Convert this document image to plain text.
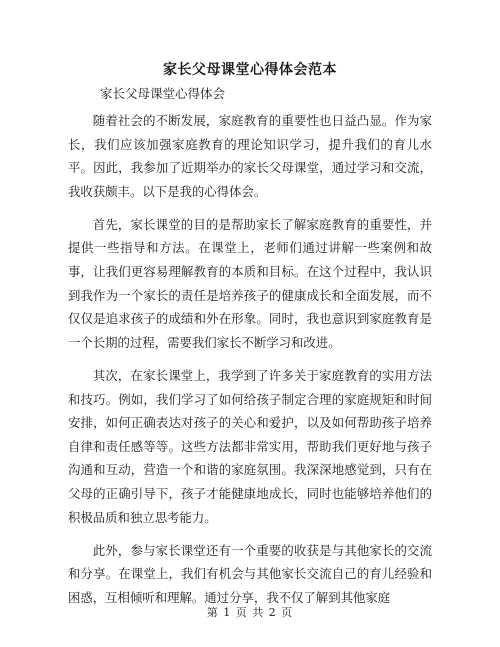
家长父母课堂心得体会范本
家长父母课堂心得体会

随着社会的不断发展，家庭教育的重要性也日益凸显。作为家长，我们应该加强家庭教育的理论知识学习，提升我们的育儿水平。因此，我参加了近期举办的家长父母课堂，通过学习和交流，我收获颇丰。以下是我的心得体会。

首先，家长课堂的目的是帮助家长了解家庭教育的重要性，并提供一些指导和方法。在课堂上，老师们通过讲解一些案例和故事，让我们更容易理解教育的本质和目标。在这个过程中，我认识到我作为一个家长的责任是培养孩子的健康成长和全面发展，而不仅仅是追求孩子的成绩和外在形象。同时，我也意识到家庭教育是一个长期的过程，需要我们家长不断学习和改进。

其次，在家长课堂上，我学到了许多关于家庭教育的实用方法和技巧。例如，我们学习了如何给孩子制定合理的家庭规矩和时间安排，如何正确表达对孩子的关心和爱护，以及如何帮助孩子培养自律和责任感等等。这些方法都非常实用，帮助我们更好地与孩子沟通和互动，营造一个和谐的家庭氛围。我深深地感觉到，只有在父母的正确引导下，孩子才能健康地成长，同时也能够培养他们的积极品质和独立思考能力。

此外，参与家长课堂还有一个重要的收获是与其他家长的交流和分享。在课堂上，我们有机会与其他家长交流自己的育儿经验和困惑，互相倾听和理解。通过分享，我不仅了解到其他家庭

第 1 页 共 2 页
